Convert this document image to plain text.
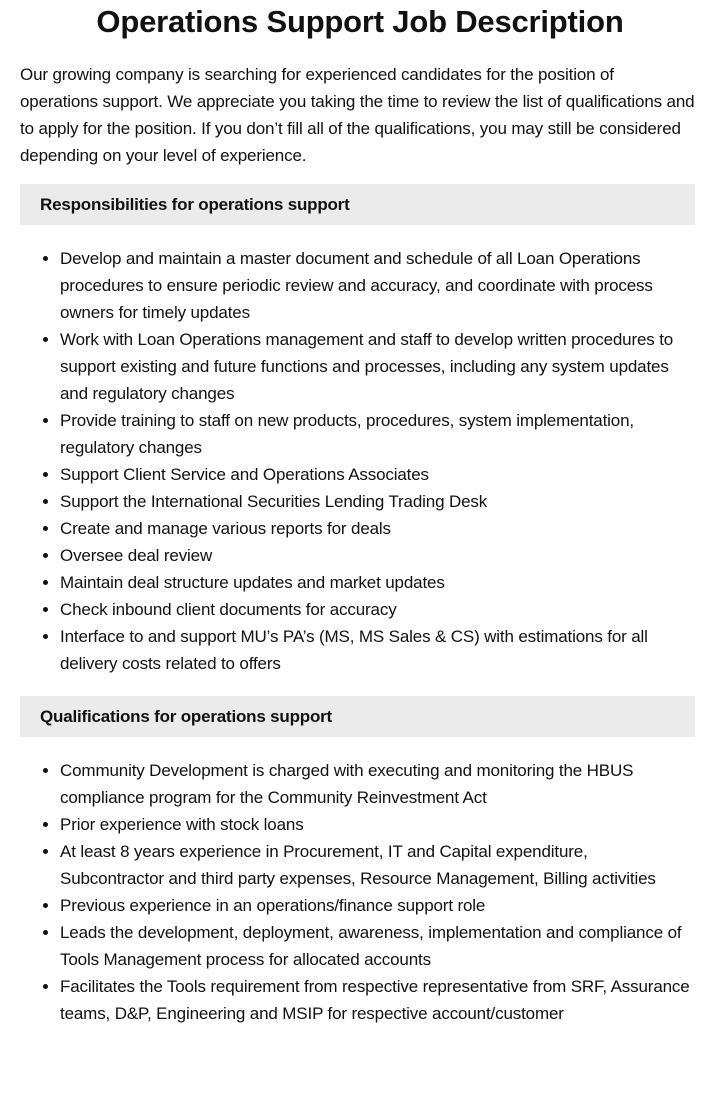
Operations Support Job Description

Our growing company is searching for experienced candidates for the position of operations support. We appreciate you taking the time to review the list of qualifications and to apply for the position. If you don’t fill all of the qualifications, you may still be considered depending on your level of experience.

Responsibilities for operations support
• Develop and maintain a master document and schedule of all Loan Operations procedures to ensure periodic review and accuracy, and coordinate with process owners for timely updates
• Work with Loan Operations management and staff to develop written procedures to support existing and future functions and processes, including any system updates and regulatory changes
• Provide training to staff on new products, procedures, system implementation, regulatory changes
• Support Client Service and Operations Associates
• Support the International Securities Lending Trading Desk
• Create and manage various reports for deals
• Oversee deal review
• Maintain deal structure updates and market updates
• Check inbound client documents for accuracy
• Interface to and support MU’s PA’s (MS, MS Sales & CS) with estimations for all delivery costs related to offers
Qualifications for operations support
• Community Development is charged with executing and monitoring the HBUS compliance program for the Community Reinvestment Act
• Prior experience with stock loans
• At least 8 years experience in Procurement, IT and Capital expenditure, Subcontractor and third party expenses, Resource Management, Billing activities
• Previous experience in an operations/finance support role
• Leads the development, deployment, awareness, implementation and compliance of Tools Management process for allocated accounts
• Facilitates the Tools requirement from respective representative from SRF, Assurance teams, D&P, Engineering and MSIP for respective account/customer
